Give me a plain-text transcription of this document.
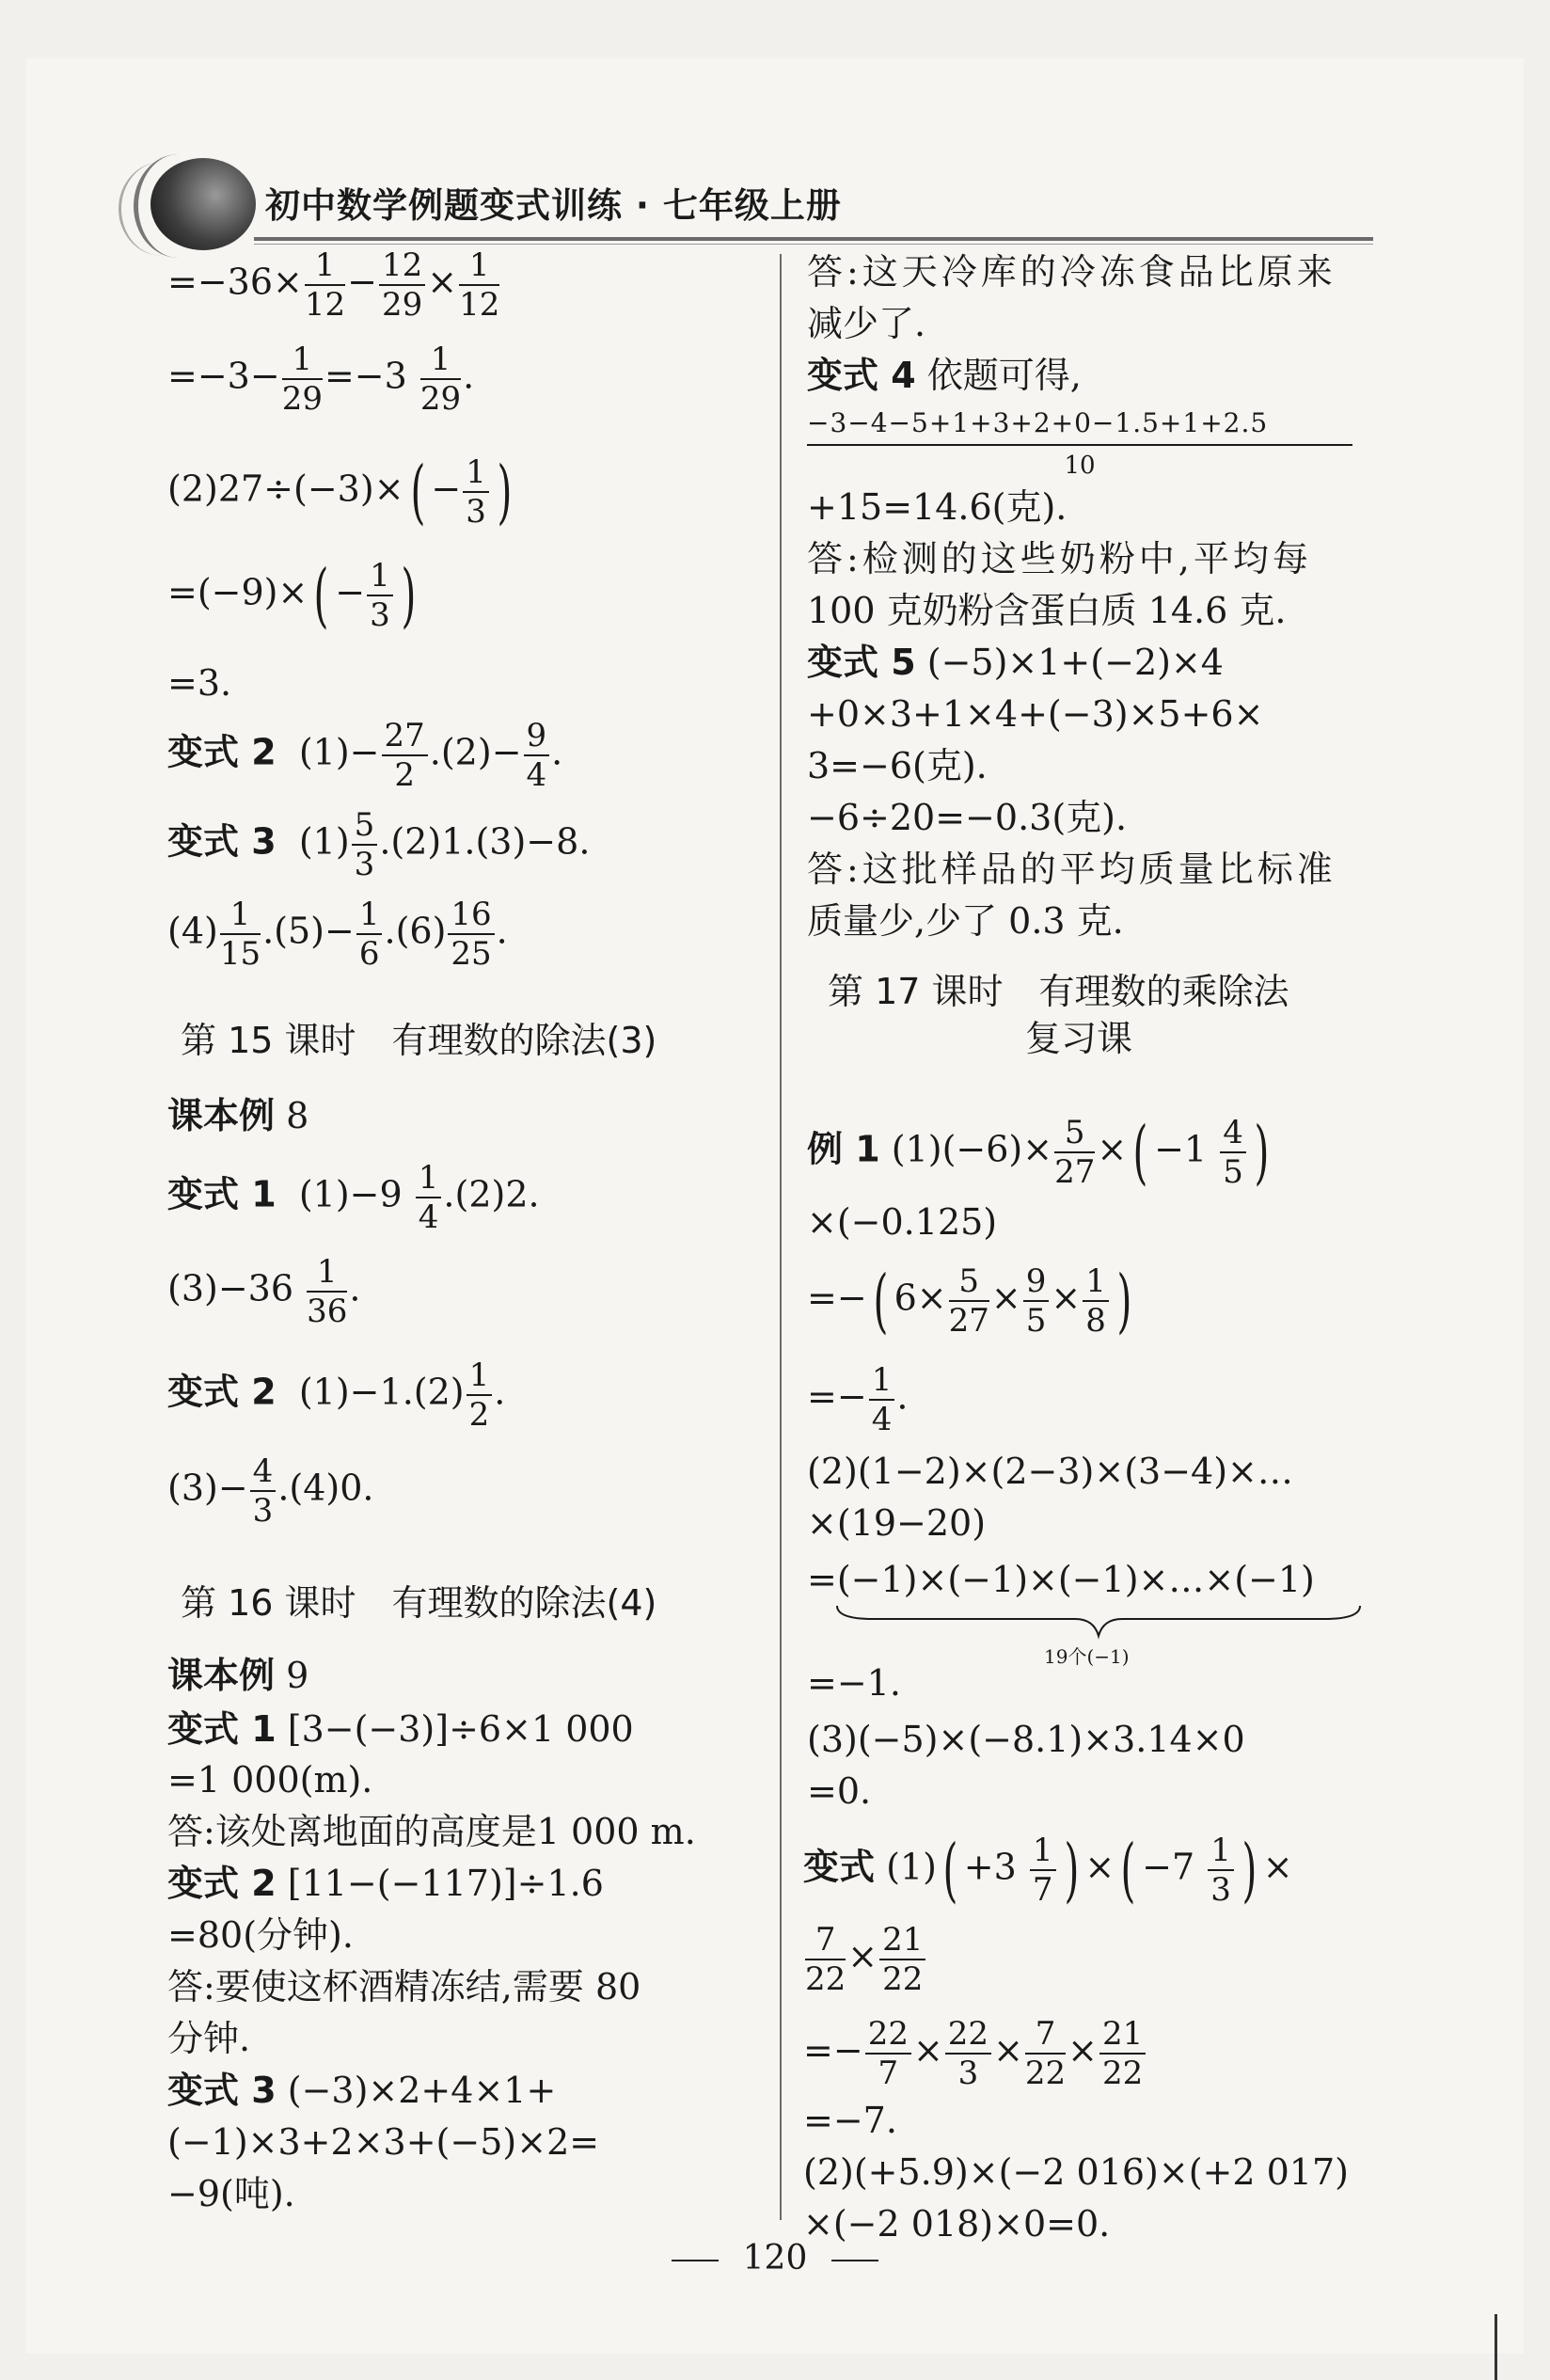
初中数学例题变式训练 · 七年级上册
$=-36\times \frac{1}{12} - \frac{12}{29} \times \frac{1}{12}$
$=-3- \frac{1}{29} =-3 \frac{1}{29}$ .
$(2)27\div(-3)\times( - \frac{1}{3}$ )
$=(-9)\times( - \frac{1}{3}$ )
=3.
变式 2 $(1)- \frac{27}{2} .(2)- \frac{9}{4}$ .
变式 3 $(1) \frac{5}{3} .(2)1.(3)-8$.
$(4) \frac{1}{15} .(5)- \frac{1}{6} .(6) \frac{16}{25}$ .
第 15 课时　有理数的除法(3)
课本例 8
变式 1 $(1)-9 \frac{1}{4} .(2)2$.
$(3)-36 \frac{1}{36}$ .
变式 2 $(1)-1.(2) \frac{1}{2}$ .
$(3)- \frac{4}{3} .(4)0$.
第 16 课时　有理数的除法(4)
课本例 9
变式 1 [3−(−3)]÷6×1 000
=1 000(m).
答:该处离地面的高度是1 000 m.
变式 2 [11−(−117)]÷1.6
=80(分钟).
答:要使这杯酒精冻结,需要 80
分钟.
变式 3 (−3)×2+4×1+
(−1)×3+2×3+(−5)×2=
−9(吨).
答:这天冷库的冷冻食品比原来
减少了.
变式 4 依题可得,
−3−4−5+1+3+2+0−1.5+1+2.5
10
+15=14.6(克).
答:检测的这些奶粉中,平均每
100 克奶粉含蛋白质 14.6 克.
变式 5 (−5)×1+(−2)×4
+0×3+1×4+(−3)×5+6×
3=−6(克).
−6÷20=−0.3(克).
答:这批样品的平均质量比标准
质量少,少了 0.3 克.
第 17 课时　有理数的乘除法
复习课
例 1 $(1)(-6)\times \frac{5}{27}$ ×( $-1 \frac{4}{5}$ )
×(−0.125)
=−( $6\times \frac{5}{27} \times \frac{9}{5} \times \frac{1}{8}$ )
=− $\frac{1}{4}$ .
(2)(1−2)×(2−3)×(3−4)×…
×(19−20)
=(−1)×(−1)×(−1)×…×(−1)
19个(−1)
=−1.
(3)(−5)×(−8.1)×3.14×0
=0.
变式 $(1)( +3 \frac{1}{7}$ ) ×( $-7 \frac{1}{3}$ ) ×
$\frac{7}{22} \times \frac{21}{22}$
=− $\frac{22}{7} \times \frac{22}{3} \times \frac{7}{22} \times \frac{21}{22}$
=−7.
(2)(+5.9)×(−2 016)×(+2 017)
×(−2 018)×0=0.
120
